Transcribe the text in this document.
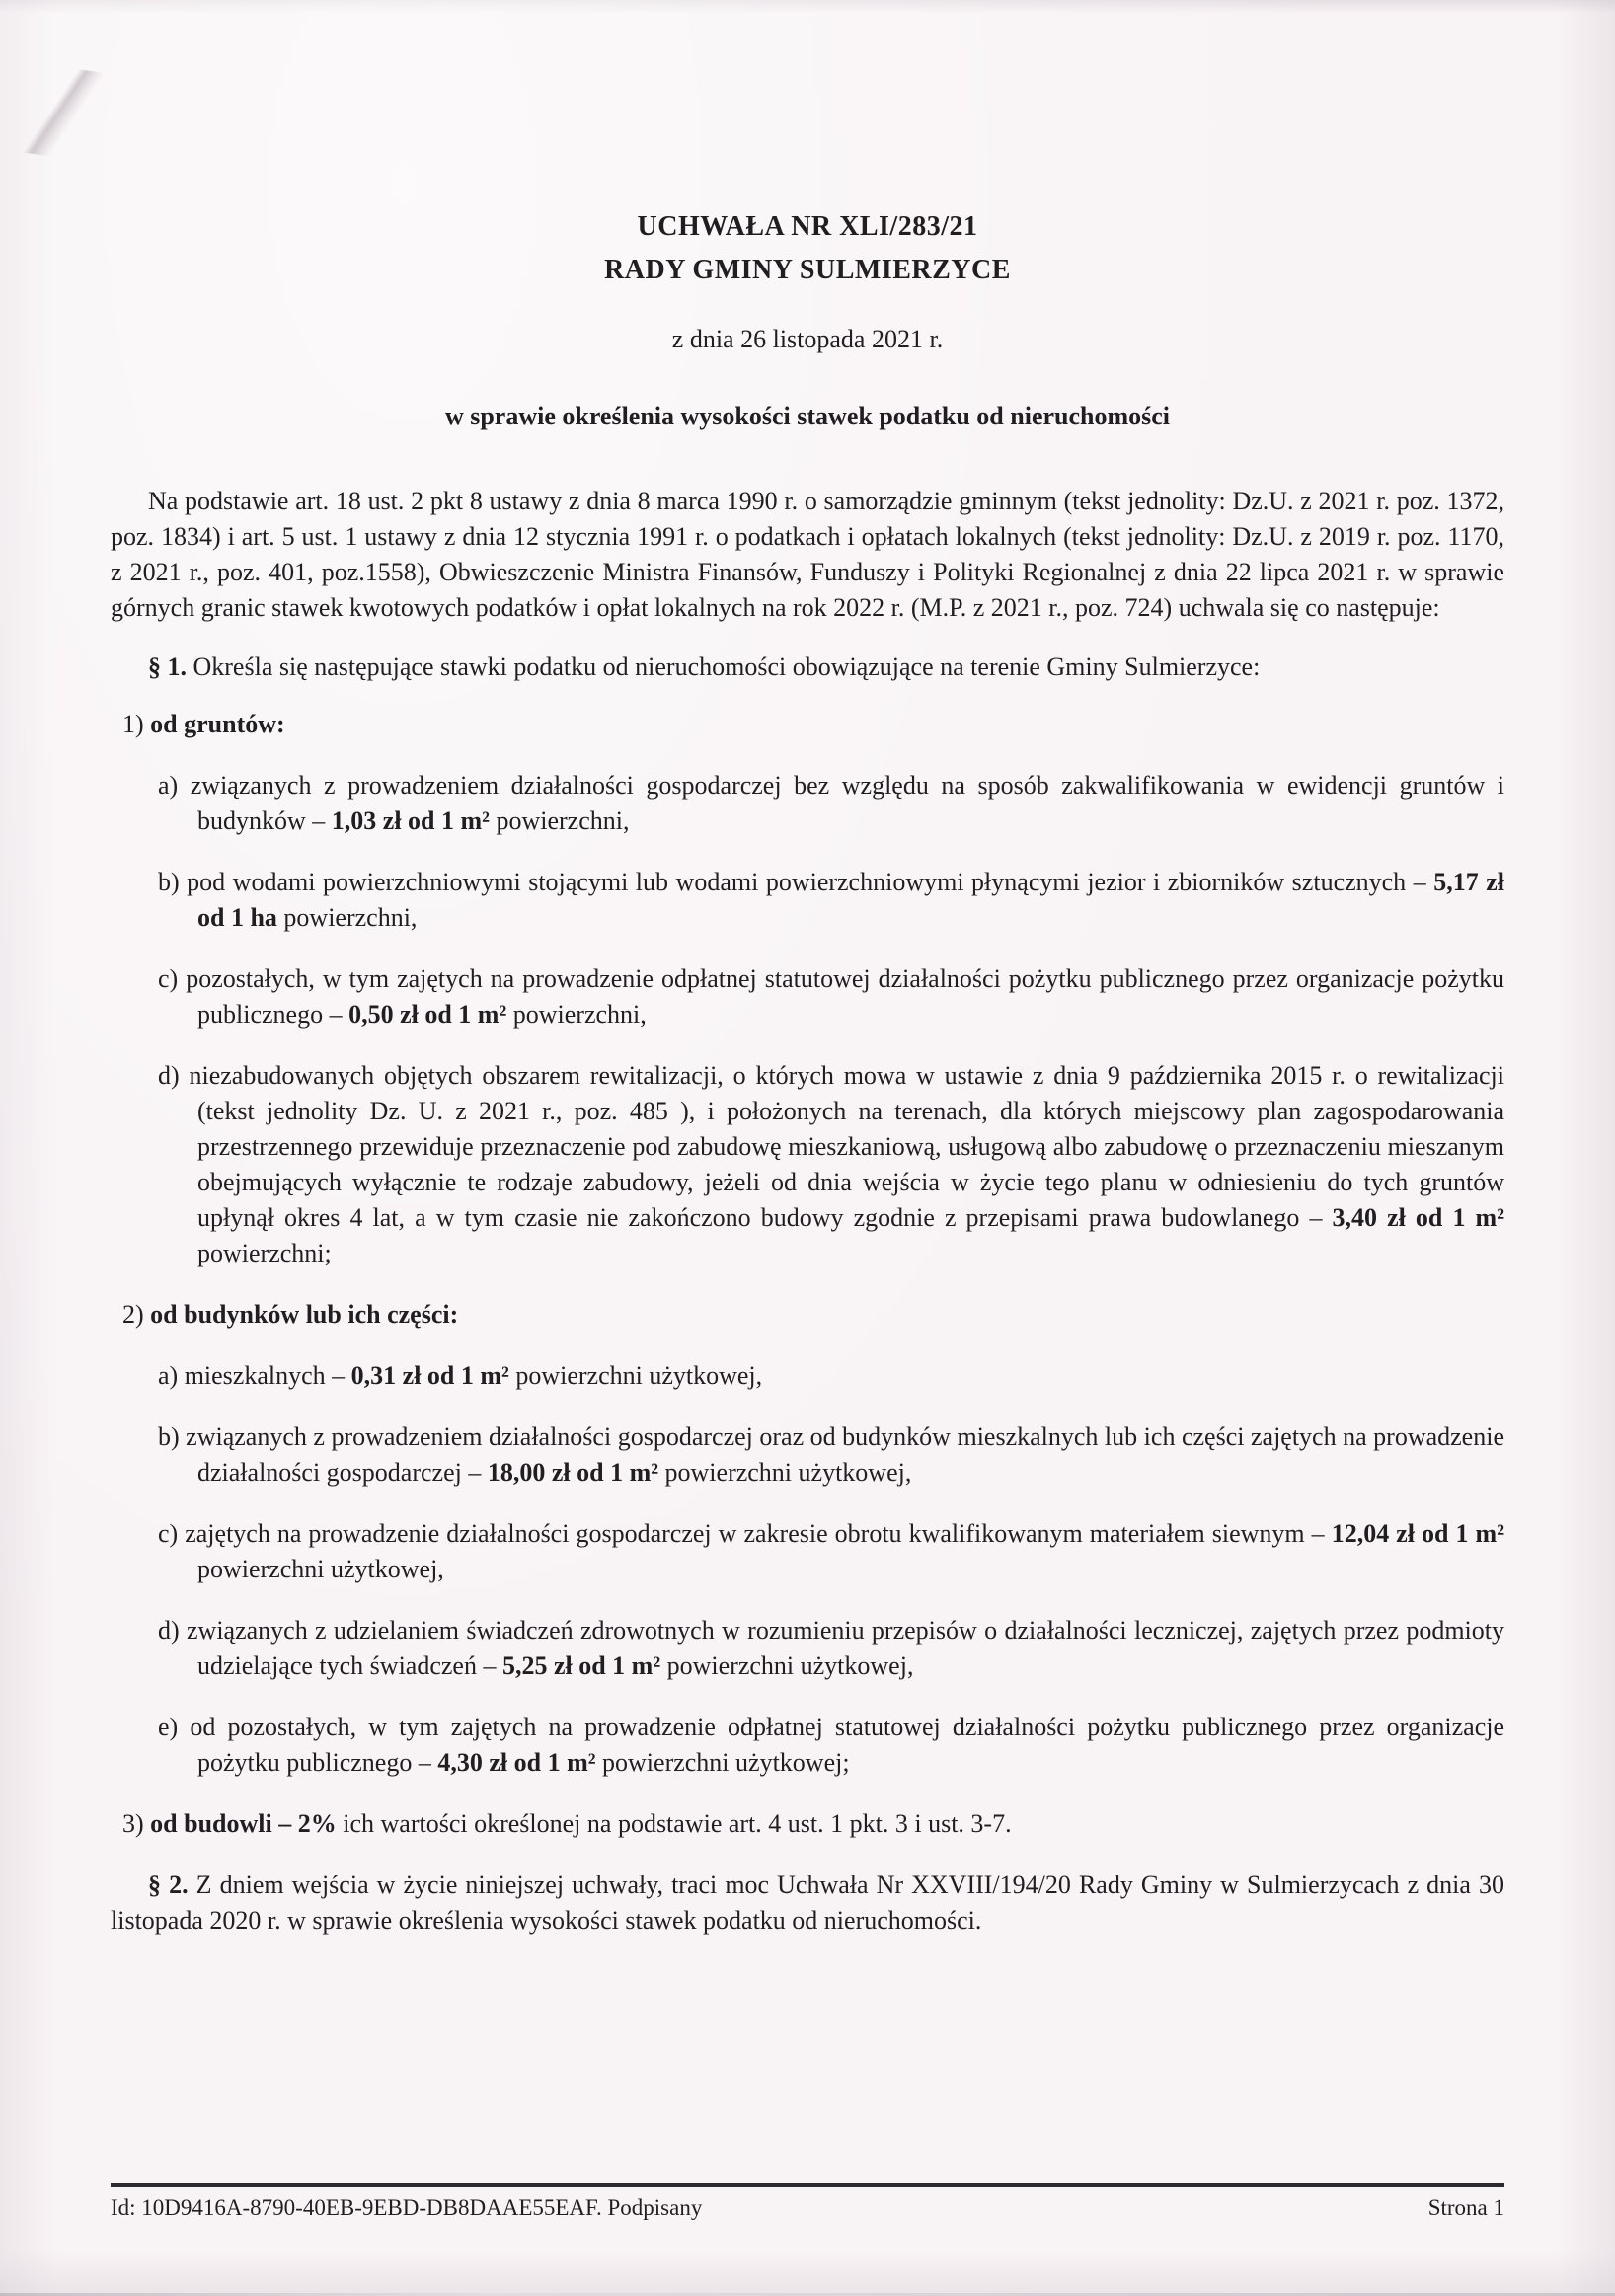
UCHWAŁA NR XLI/283/21

RADY GMINY SULMIERZYCE

z dnia 26 listopada 2021 r.

w sprawie określenia wysokości stawek podatku od nieruchomości

Na podstawie art. 18 ust. 2 pkt 8 ustawy z dnia 8 marca 1990 r. o samorządzie gminnym (tekst jednolity: Dz.U. z 2021 r. poz. 1372, poz. 1834) i art. 5 ust. 1 ustawy z dnia 12 stycznia 1991 r. o podatkach i opłatach lokalnych (tekst jednolity: Dz.U. z 2019 r. poz. 1170, z 2021 r., poz. 401, poz.1558), Obwieszczenie Ministra Finansów, Funduszy i Polityki Regionalnej z dnia 22 lipca 2021 r. w sprawie górnych granic stawek kwotowych podatków i opłat lokalnych na rok 2022 r. (M.P. z 2021 r., poz. 724) uchwala się co następuje:

§ 1. Określa się następujące stawki podatku od nieruchomości obowiązujące na terenie Gminy Sulmierzyce:

1) od gruntów:

a) związanych z prowadzeniem działalności gospodarczej bez względu na sposób zakwalifikowania w ewidencji gruntów i budynków – 1,03 zł od 1 m² powierzchni,

b) pod wodami powierzchniowymi stojącymi lub wodami powierzchniowymi płynącymi jezior i zbiorników sztucznych – 5,17 zł od 1 ha powierzchni,

c) pozostałych, w tym zajętych na prowadzenie odpłatnej statutowej działalności pożytku publicznego przez organizacje pożytku publicznego – 0,50 zł od 1 m² powierzchni,

d) niezabudowanych objętych obszarem rewitalizacji, o których mowa w ustawie z dnia 9 października 2015 r. o rewitalizacji (tekst jednolity Dz. U. z 2021 r., poz. 485 ), i położonych na terenach, dla których miejscowy plan zagospodarowania przestrzennego przewiduje przeznaczenie pod zabudowę mieszkaniową, usługową albo zabudowę o przeznaczeniu mieszanym obejmujących wyłącznie te rodzaje zabudowy, jeżeli od dnia wejścia w życie tego planu w odniesieniu do tych gruntów upłynął okres 4 lat, a w tym czasie nie zakończono budowy zgodnie z przepisami prawa budowlanego – 3,40 zł od 1 m² powierzchni;

2) od budynków lub ich części:

a) mieszkalnych – 0,31 zł od 1 m² powierzchni użytkowej,

b) związanych z prowadzeniem działalności gospodarczej oraz od budynków mieszkalnych lub ich części zajętych na prowadzenie działalności gospodarczej – 18,00 zł od 1 m² powierzchni użytkowej,

c) zajętych na prowadzenie działalności gospodarczej w zakresie obrotu kwalifikowanym materiałem siewnym – 12,04 zł od 1 m² powierzchni użytkowej,

d) związanych z udzielaniem świadczeń zdrowotnych w rozumieniu przepisów o działalności leczniczej, zajętych przez podmioty udzielające tych świadczeń – 5,25 zł od 1 m² powierzchni użytkowej,

e) od pozostałych, w tym zajętych na prowadzenie odpłatnej statutowej działalności pożytku publicznego przez organizacje pożytku publicznego – 4,30 zł od 1 m² powierzchni użytkowej;

3) od budowli – 2% ich wartości określonej na podstawie art. 4 ust. 1 pkt. 3 i ust. 3-7.

§ 2. Z dniem wejścia w życie niniejszej uchwały, traci moc Uchwała Nr XXVIII/194/20 Rady Gminy w Sulmierzycach z dnia 30 listopada 2020 r. w sprawie określenia wysokości stawek podatku od nieruchomości.

Id: 10D9416A-8790-40EB-9EBD-DB8DAAE55EAF. Podpisany	Strona 1
